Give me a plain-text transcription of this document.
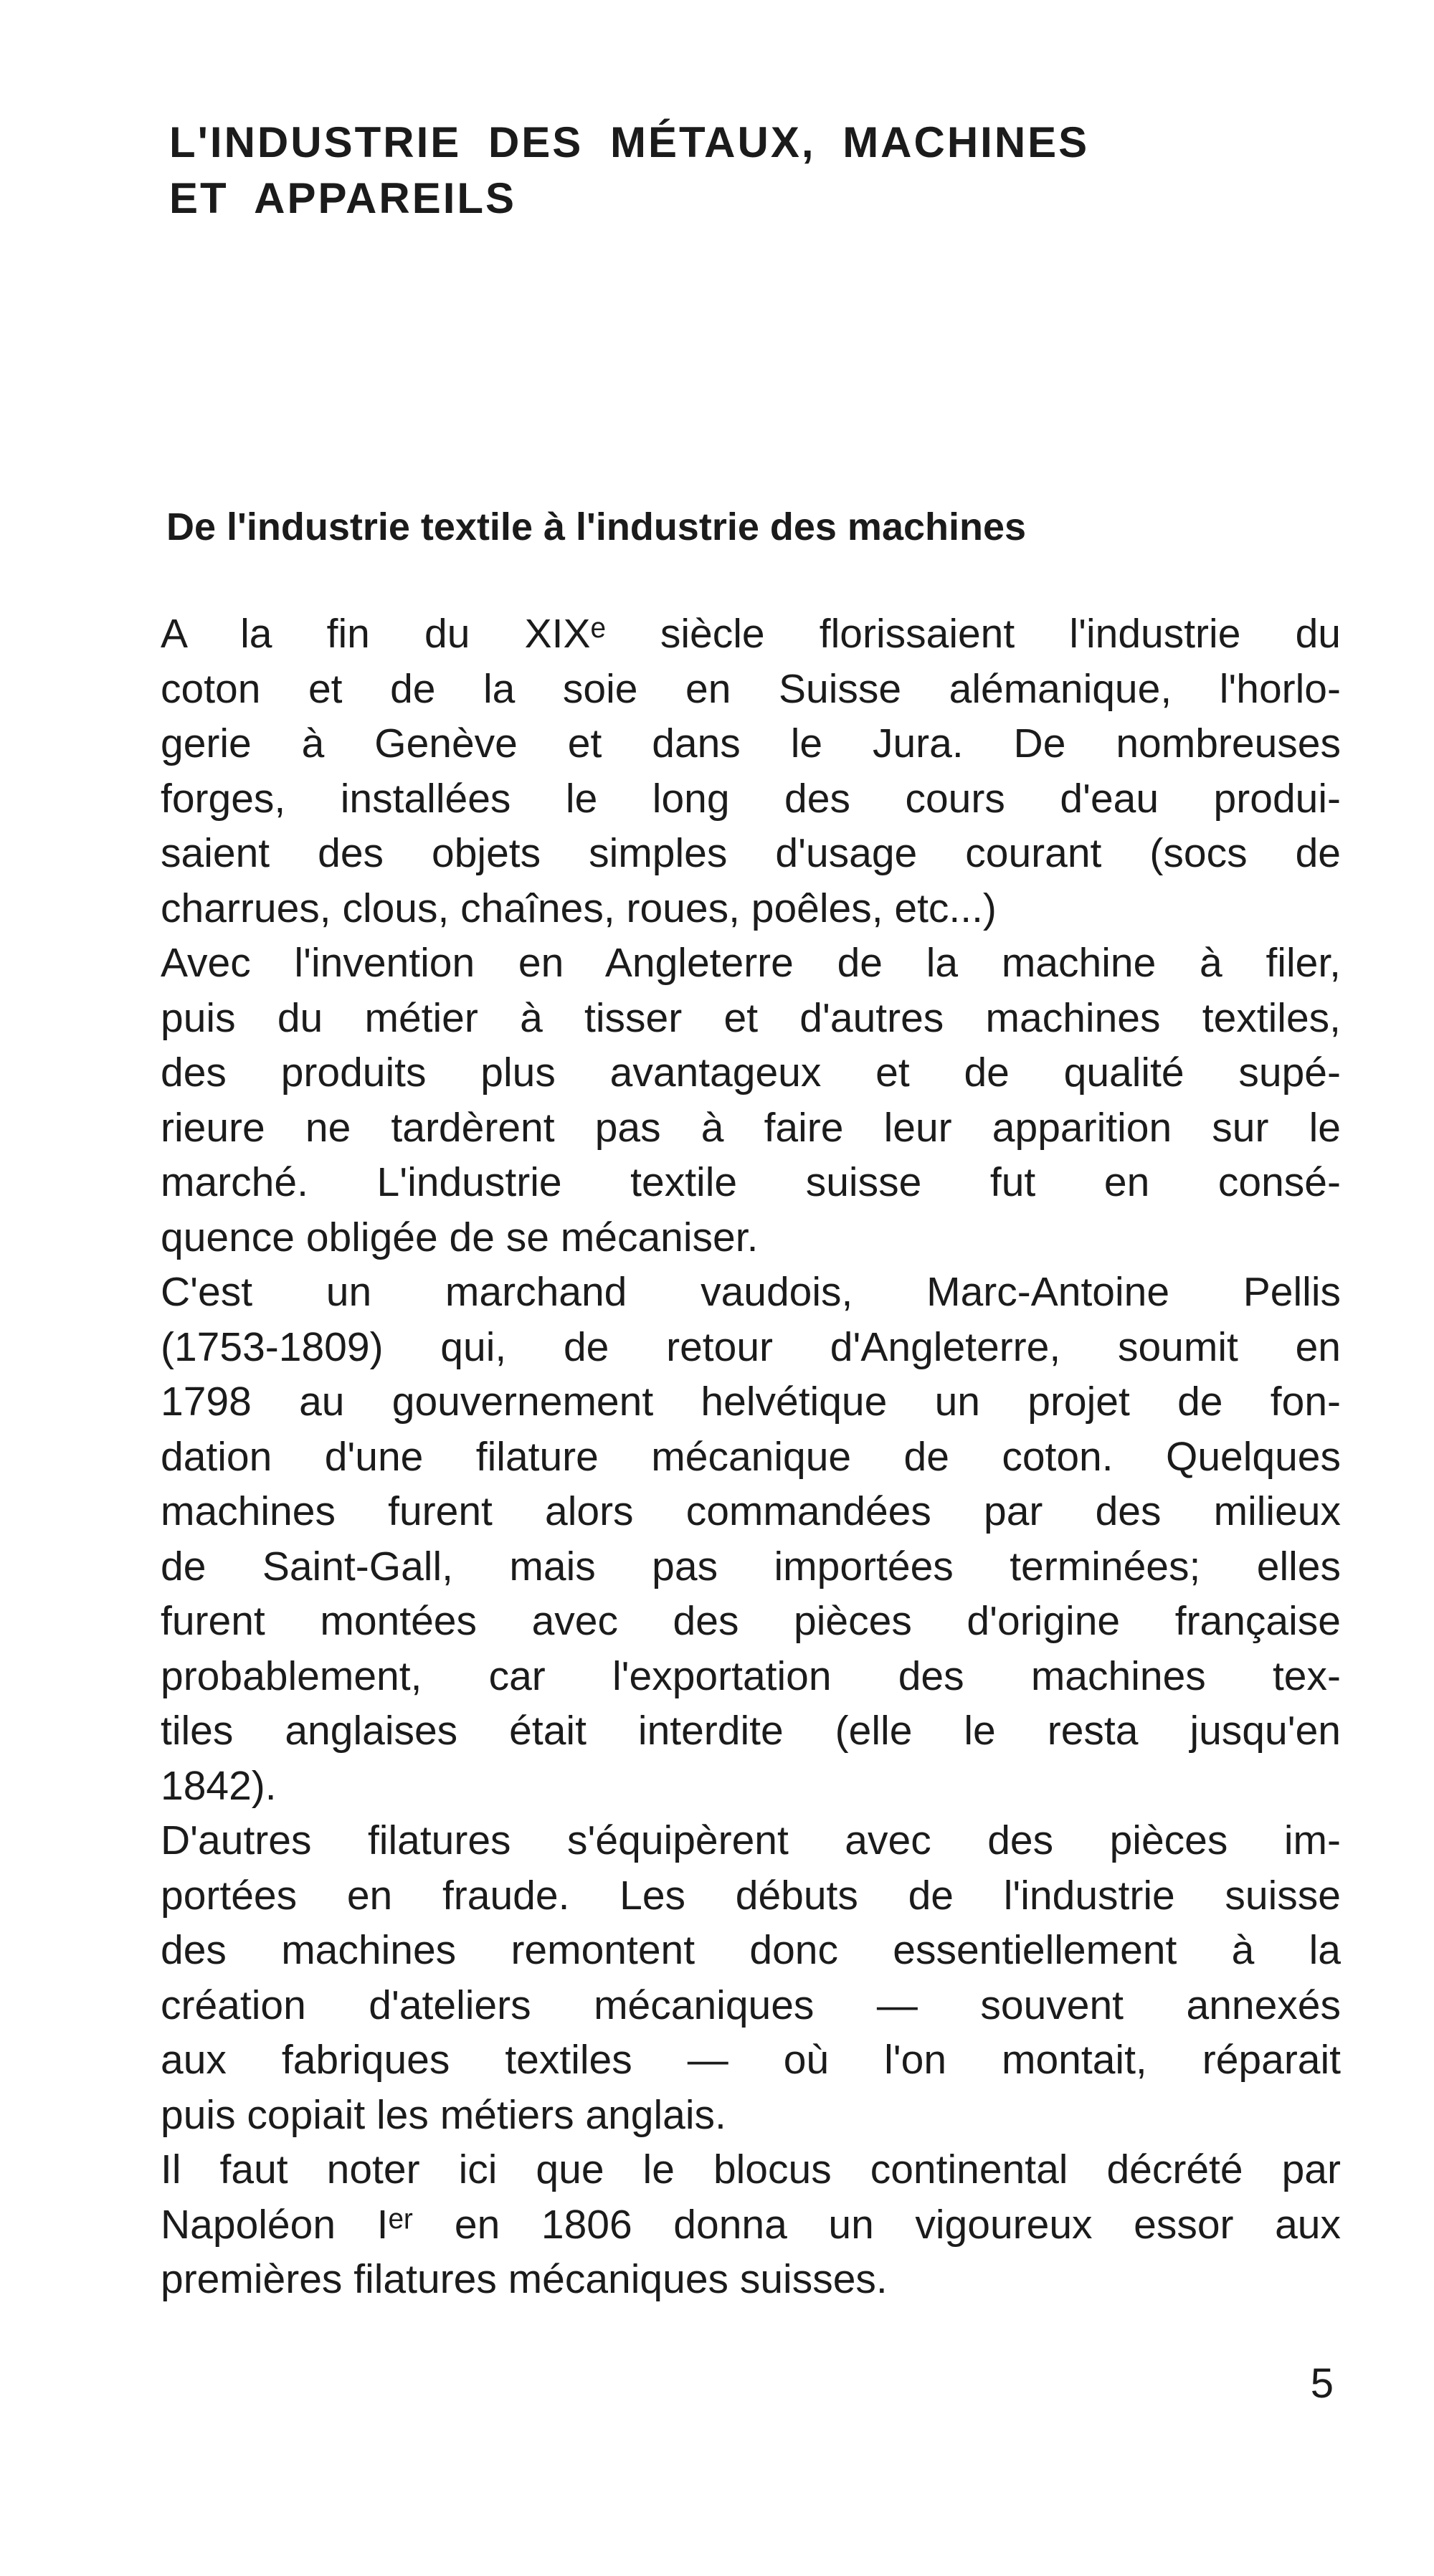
L'INDUSTRIE DES MÉTAUX, MACHINES
ET APPAREILS
De l'industrie textile à l'industrie des machines
A la fin du XIXᵉ siècle florissaient l'industrie du
coton et de la soie en Suisse alémanique, l'horlo-
gerie à Genève et dans le Jura. De nombreuses
forges, installées le long des cours d'eau produi-
saient des objets simples d'usage courant (socs de
charrues, clous, chaînes, roues, poêles, etc...)
Avec l'invention en Angleterre de la machine à filer,
puis du métier à tisser et d'autres machines textiles,
des produits plus avantageux et de qualité supé-
rieure ne tardèrent pas à faire leur apparition sur le
marché. L'industrie textile suisse fut en consé-
quence obligée de se mécaniser.
C'est un marchand vaudois, Marc-Antoine Pellis
(1753-1809) qui, de retour d'Angleterre, soumit en
1798 au gouvernement helvétique un projet de fon-
dation d'une filature mécanique de coton. Quelques
machines furent alors commandées par des milieux
de Saint-Gall, mais pas importées terminées; elles
furent montées avec des pièces d'origine française
probablement, car l'exportation des machines tex-
tiles anglaises était interdite (elle le resta jusqu'en
1842).
D'autres filatures s'équipèrent avec des pièces im-
portées en fraude. Les débuts de l'industrie suisse
des machines remontent donc essentiellement à la
création d'ateliers mécaniques — souvent annexés
aux fabriques textiles — où l'on montait, réparait
puis copiait les métiers anglais.
Il faut noter ici que le blocus continental décrété par
Napoléon Iᵉʳ en 1806 donna un vigoureux essor aux
premières filatures mécaniques suisses.
5
